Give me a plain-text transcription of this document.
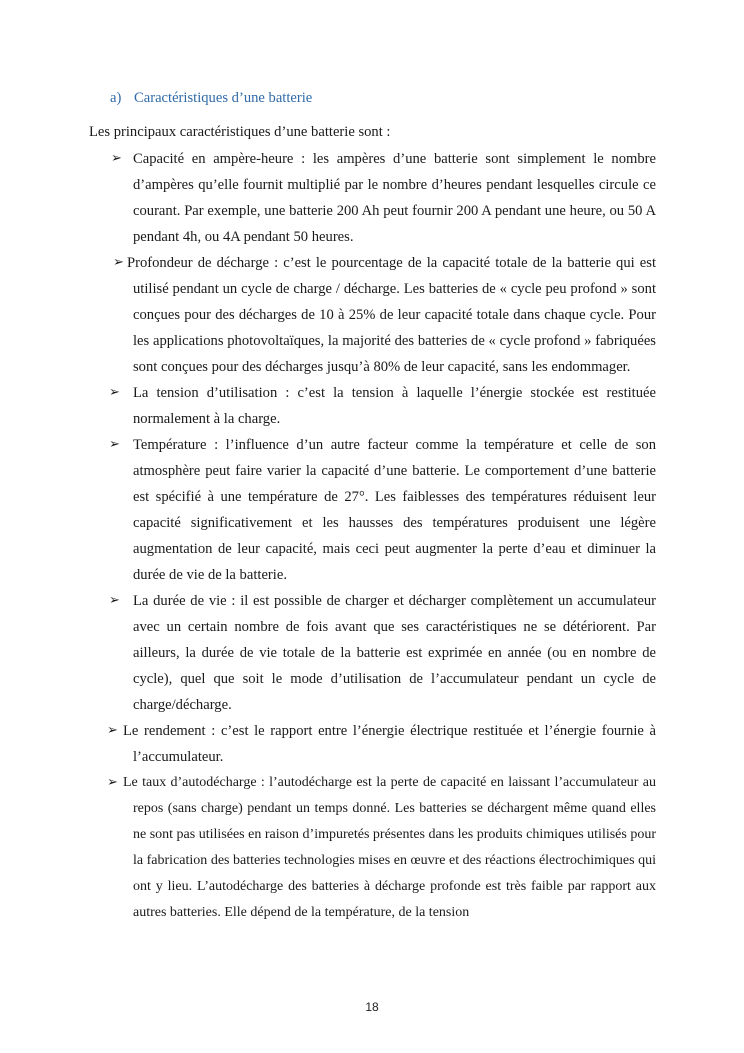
a) Caractéristiques d’une batterie
Les principaux caractéristiques d’une batterie sont :
➢ Capacité en ampère-heure : les ampères d’une batterie sont simplement le nombre d’ampères qu’elle fournit multiplié par le nombre d’heures pendant lesquelles circule ce courant. Par exemple, une batterie 200 Ah peut fournir 200 A pendant une heure, ou 50 A pendant 4h, ou 4A pendant 50 heures.

➢ Profondeur de décharge : c’est le pourcentage de la capacité totale de la batterie qui est utilisé pendant un cycle de charge / décharge. Les batteries de « cycle peu profond » sont conçues pour des décharges de 10 à 25% de leur capacité totale dans chaque cycle. Pour les applications photovoltaïques, la majorité des batteries de « cycle profond » fabriquées sont conçues pour des décharges jusqu’à 80% de leur capacité, sans les endommager.

➢ La tension d’utilisation : c’est la tension à laquelle l’énergie stockée est restituée normalement à la charge.

➢ Température : l’influence d’un autre facteur comme la température et celle de son atmosphère peut faire varier la capacité d’une batterie. Le comportement d’une batterie est spécifié à une température de 27°. Les faiblesses des températures réduisent leur capacité significativement et les hausses des températures produisent une légère augmentation de leur capacité, mais ceci peut augmenter la perte d’eau et diminuer la durée de vie de la batterie.

➢ La durée de vie : il est possible de charger et décharger complètement un accumulateur avec un certain nombre de fois avant que ses caractéristiques ne se détériorent. Par ailleurs, la durée de vie totale de la batterie est exprimée en année (ou en nombre de cycle), quel que soit le mode d’utilisation de l’accumulateur pendant un cycle de charge/décharge.

➢ Le rendement : c’est le rapport entre l’énergie électrique restituée et l’énergie fournie à l’accumulateur.

➢ Le taux d’autodécharge : l’autodécharge est la perte de capacité en laissant l’accumulateur au repos (sans charge) pendant un temps donné. Les batteries se déchargent même quand elles ne sont pas utilisées en raison d’impuretés présentes dans les produits chimiques utilisés pour la fabrication des batteries technologies mises en œuvre et des réactions électrochimiques qui ont y lieu. L’autodécharge des batteries à décharge profonde est très faible par rapport aux autres batteries. Elle dépend de la température, de la tension

18
